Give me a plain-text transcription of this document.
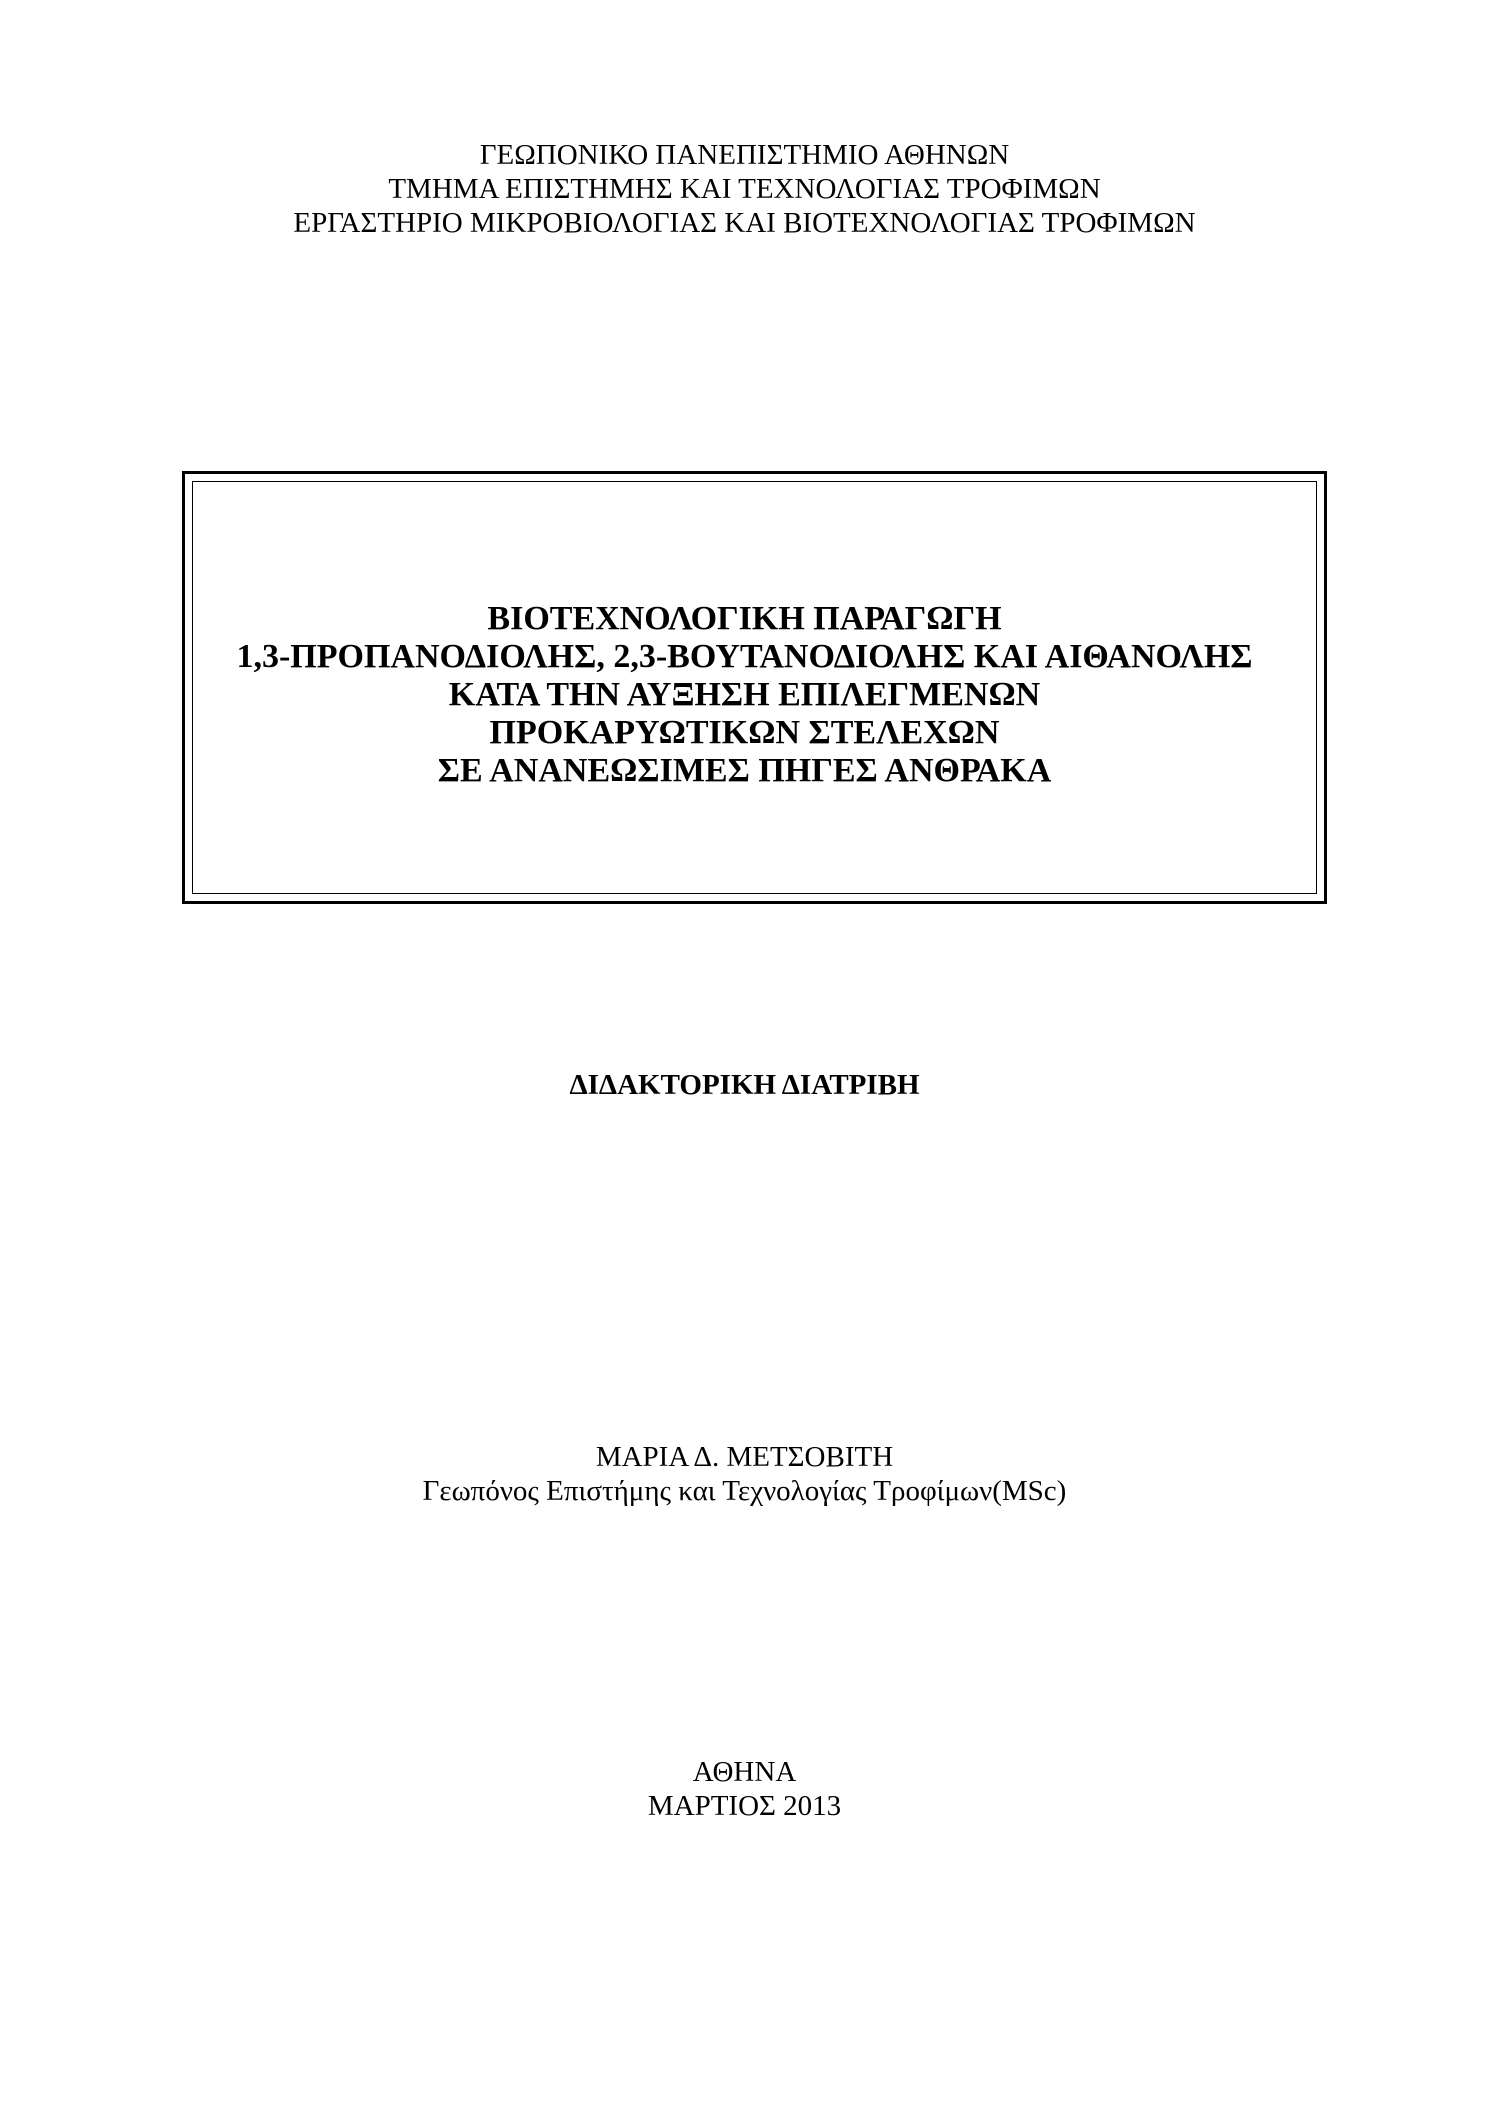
ΓΕΩΠΟΝΙΚΟ ΠΑΝΕΠΙΣΤΗΜΙΟ ΑΘΗΝΩΝ
ΤΜΗΜΑ ΕΠΙΣΤΗΜΗΣ ΚΑΙ ΤΕΧΝΟΛΟΓΙΑΣ ΤΡΟΦΙΜΩΝ
ΕΡΓΑΣΤΗΡΙΟ ΜΙΚΡΟΒΙΟΛΟΓΙΑΣ ΚΑΙ ΒΙΟΤΕΧΝΟΛΟΓΙΑΣ ΤΡΟΦΙΜΩΝ
ΒΙΟΤΕΧΝΟΛΟΓΙΚΗ ΠΑΡΑΓΩΓΗ
1,3-ΠΡΟΠΑΝΟΔΙΟΛΗΣ, 2,3-ΒΟΥΤΑΝΟΔΙΟΛΗΣ ΚΑΙ ΑΙΘΑΝΟΛΗΣ
ΚΑΤΑ ΤΗΝ ΑΥΞΗΣΗ ΕΠΙΛΕΓΜΕΝΩΝ
ΠΡΟΚΑΡΥΩΤΙΚΩΝ ΣΤΕΛΕΧΩΝ
ΣΕ ΑΝΑΝΕΩΣΙΜΕΣ ΠΗΓΕΣ ΑΝΘΡΑΚΑ
ΔΙΔΑΚΤΟΡΙΚΗ ΔΙΑΤΡΙΒΗ
ΜΑΡΙΑ Δ. ΜΕΤΣΟΒΙΤΗ
Γεωπόνος Επιστήμης και Τεχνολογίας Τροφίμων(MSc)
ΑΘΗΝΑ
ΜΑΡΤΙΟΣ 2013
